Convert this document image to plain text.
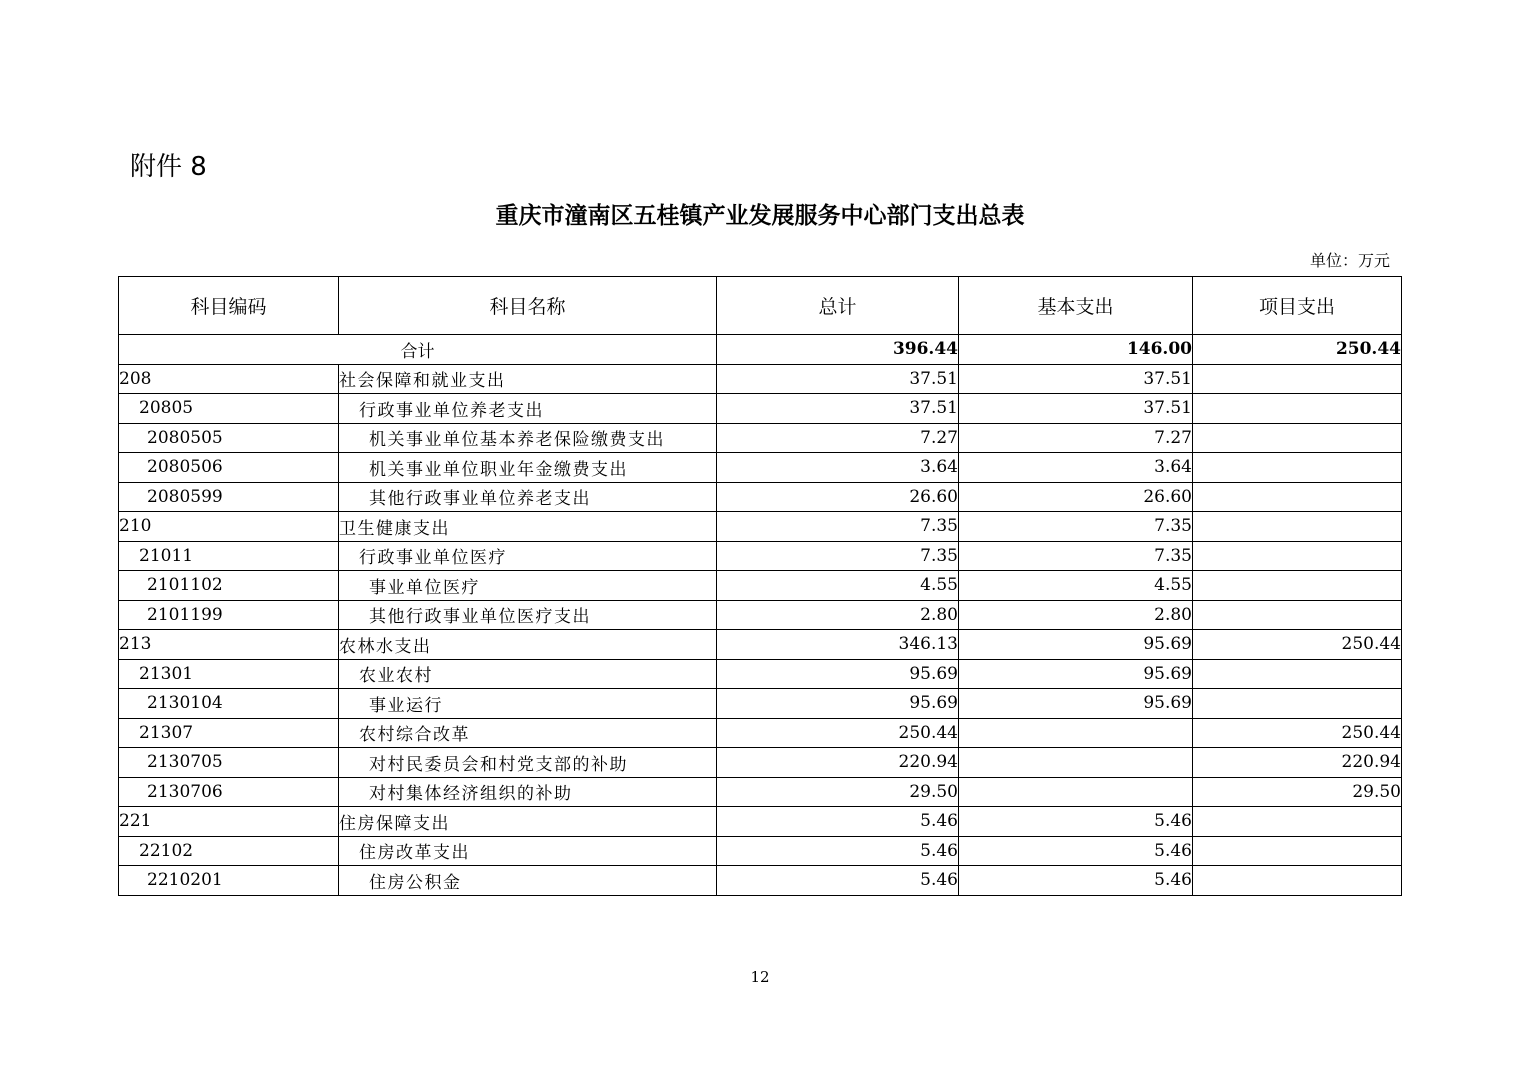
附件 8
重庆市潼南区五桂镇产业发展服务中心部门支出总表
单位：万元
科目编码	科目名称	总计	基本支出	项目支出
合计		396.44	146.00	250.44
208	社会保障和就业支出	37.51	37.51	
20805	行政事业单位养老支出	37.51	37.51	
2080505	机关事业单位基本养老保险缴费支出	7.27	7.27	
2080506	机关事业单位职业年金缴费支出	3.64	3.64	
2080599	其他行政事业单位养老支出	26.60	26.60	
210	卫生健康支出	7.35	7.35	
21011	行政事业单位医疗	7.35	7.35	
2101102	事业单位医疗	4.55	4.55	
2101199	其他行政事业单位医疗支出	2.80	2.80	
213	农林水支出	346.13	95.69	250.44
21301	农业农村	95.69	95.69	
2130104	事业运行	95.69	95.69	
21307	农村综合改革	250.44		250.44
2130705	对村民委员会和村党支部的补助	220.94		220.94
2130706	对村集体经济组织的补助	29.50		29.50
221	住房保障支出	5.46	5.46	
22102	住房改革支出	5.46	5.46	
2210201	住房公积金	5.46	5.46	
12
